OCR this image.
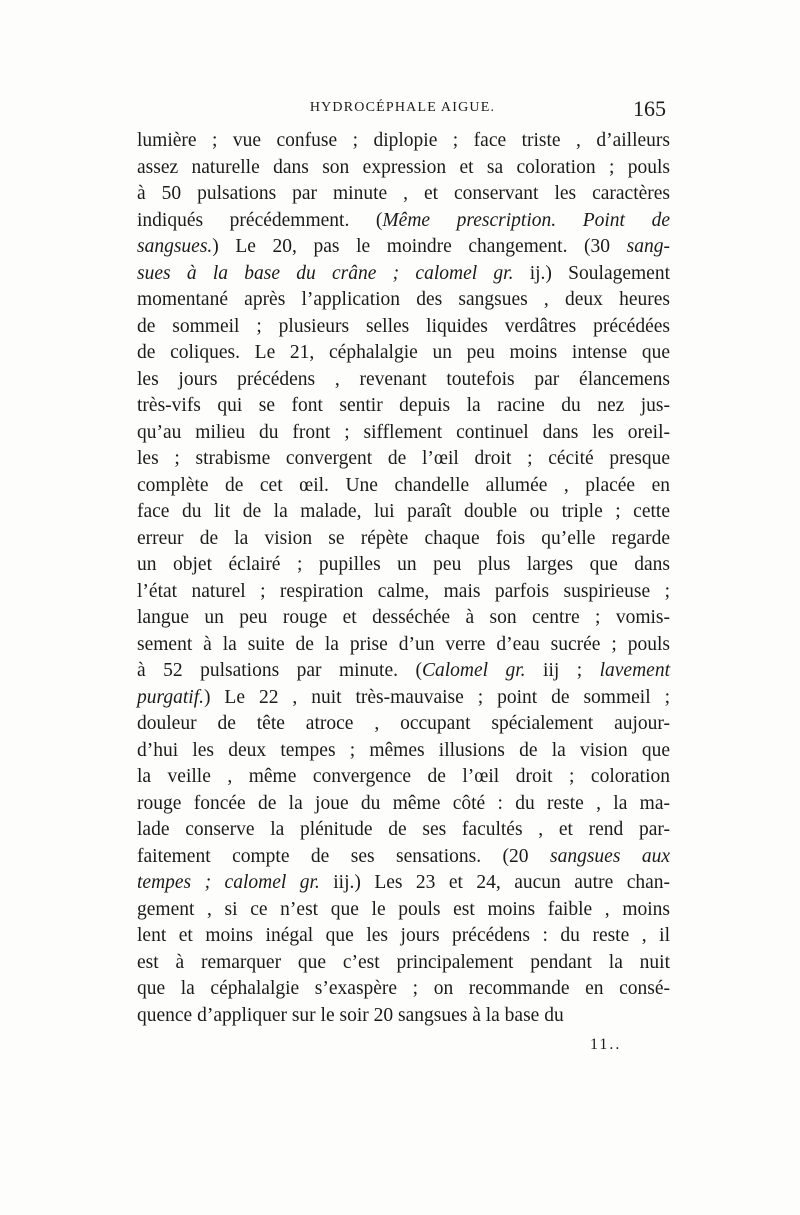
HYDROCÉPHALE AIGUE.	165
lumière ; vue confuse ; diplopie ; face triste , d’ailleurs
assez naturelle dans son expression et sa coloration ; pouls
à 50 pulsations par minute , et conservant les caractères
indiqués précédemment. (Même prescription. Point de
sangsues.) Le 20, pas le moindre changement. (30 sang-
sues à la base du crâne ; calomel gr. ij.) Soulagement
momentané après l’application des sangsues , deux heures
de sommeil ; plusieurs selles liquides verdâtres précédées
de coliques. Le 21, céphalalgie un peu moins intense que
les jours précédens , revenant toutefois par élancemens
très-vifs qui se font sentir depuis la racine du nez jus-
qu’au milieu du front ; sifflement continuel dans les oreil-
les ; strabisme convergent de l’œil droit ; cécité presque
complète de cet œil. Une chandelle allumée , placée en
face du lit de la malade, lui paraît double ou triple ; cette
erreur de la vision se répète chaque fois qu’elle regarde
un objet éclairé ; pupilles un peu plus larges que dans
l’état naturel ; respiration calme, mais parfois suspirieuse ;
langue un peu rouge et desséchée à son centre ; vomis-
sement à la suite de la prise d’un verre d’eau sucrée ; pouls
à 52 pulsations par minute. (Calomel gr. iij ; lavement
purgatif.) Le 22 , nuit très-mauvaise ; point de sommeil ;
douleur de tête atroce , occupant spécialement aujour-
d’hui les deux tempes ; mêmes illusions de la vision que
la veille , même convergence de l’œil droit ; coloration
rouge foncée de la joue du même côté : du reste , la ma-
lade conserve la plénitude de ses facultés , et rend par-
faitement compte de ses sensations. (20 sangsues aux
tempes ; calomel gr. iij.) Les 23 et 24, aucun autre chan-
gement , si ce n’est que le pouls est moins faible , moins
lent et moins inégal que les jours précédens : du reste , il
est à remarquer que c’est principalement pendant la nuit
que la céphalalgie s’exaspère ; on recommande en consé-
quence d’appliquer sur le soir 20 sangsues à la base du
11..
